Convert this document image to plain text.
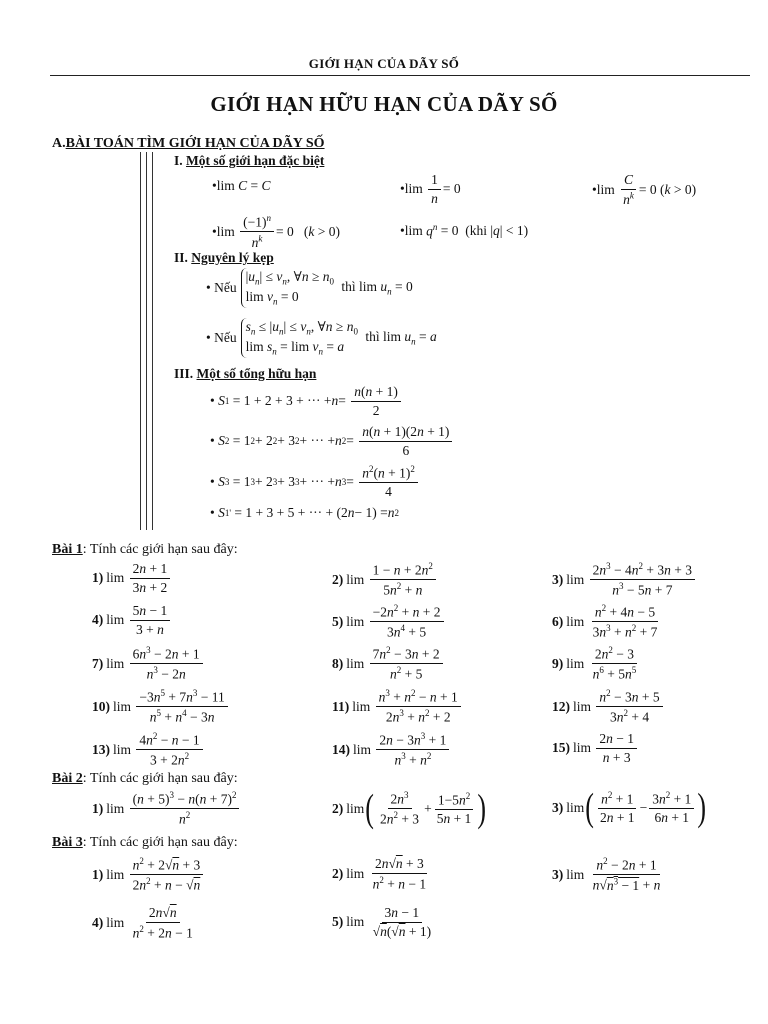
GIỚI HẠN CỦA DÃY SỐ
GIỚI HẠN HỮU HẠN CỦA DÃY SỐ
A.BÀI TOÁN TÌM GIỚI HẠN CỦA DÃY SỐ
I. Một số giới hạn đặc biệt
•lim C = C	•lim
1
n
= 0	•lim
C
$n^k = 0$ ( k > 0)
•lim
$(-1)^n$
$n^k = 0$   ( k > 0)	•lim $q^n = 0$  (khi | q | < 1)
II. Nguyên lý kẹp
• Nếu
$|u_n| \le v_n$, ∀n ≥ $n_0$
$\lim v_n = 0$
thì $\lim u_n = 0$
• Nếu
$s_n \le |u_n| \le v_n$, ∀n ≥ $n_0$
$\lim s_n = \lim v_n = a$
thì $\lim u_n = a$
III. Một số tổng hữu hạn
• S 1 = 1 + 2 + 3 + ··· + n =
n(n + 1)
2
• S 2 = 1 2 + 2 2 + 3 2 + ··· + n 2 =
n(n + 1)(2n + 1)
6
• S 3 = 1 3 + 2 3 + 3 3 + ··· + n 3 =
$n^2(n + 1)^2$
4
• S 1 ' = 1 + 3 + 5 + ··· + (2 n − 1) = n 2
Bài 1: Tính các giới hạn sau đây:
1) lim
2n + 1
3n + 2
2) lim
$1 - n + 2n^2$
$5n^2 + n$
3) lim
$2n^3 - 4n^2 + 3n + 3$
$n^3 - 5n + 7$
4) lim
5n − 1
3 + n
5) lim
$-2n^2 + n + 2$
$3n^4 + 5$
6) lim
$n^2 + 4n - 5$
$3n^3 + n^2 + 7$
7) lim
$6n^3 - 2n + 1$
$n^3 - 2n$
8) lim
$7n^2 - 3n + 2$
$n^2 + 5$
9) lim
$2n^2 - 3$
$n^6 + 5n^5$
10) lim
$-3n^5 + 7n^3 - 11$
$n^5 + n^4 - 3n$
11) lim
$n^3 + n^2 - n + 1$
$2n^3 + n^2 + 2$
12) lim
$n^2 - 3n + 5$
$3n^2 + 4$
13) lim
$4n^2 - n - 1$
$3 + 2n^2$	14) lim
$2n - 3n^3 + 1$
$n^3 + n^2$
15) lim
2n − 1
n + 3
Bài 2: Tính các giới hạn sau đây:
1) lim
$(n + 5)^3 - n(n + 7)^2$
$n^2$	2) lim ( $2n^3$
$2n^2 + 3$
+
$1-5n^2$
5n + 1 )	3) lim ( $n^2 + 1$
2n + 1
−
$3n^2 + 1$
6n + 1 )
Bài 3: Tính các giới hạn sau đây:
1) lim
$n^2 + 2√n + 3$
$2n^2 + n - √n$
2) lim
2n√n + 3
$n^2 + n - 1$
3) lim
$n^2 - 2n + 1$
$n√n^3 - 1 + n$
4) lim
2n√n
$n^2 + 2n - 1$
5) lim
3n − 1
√n(√n + 1)
